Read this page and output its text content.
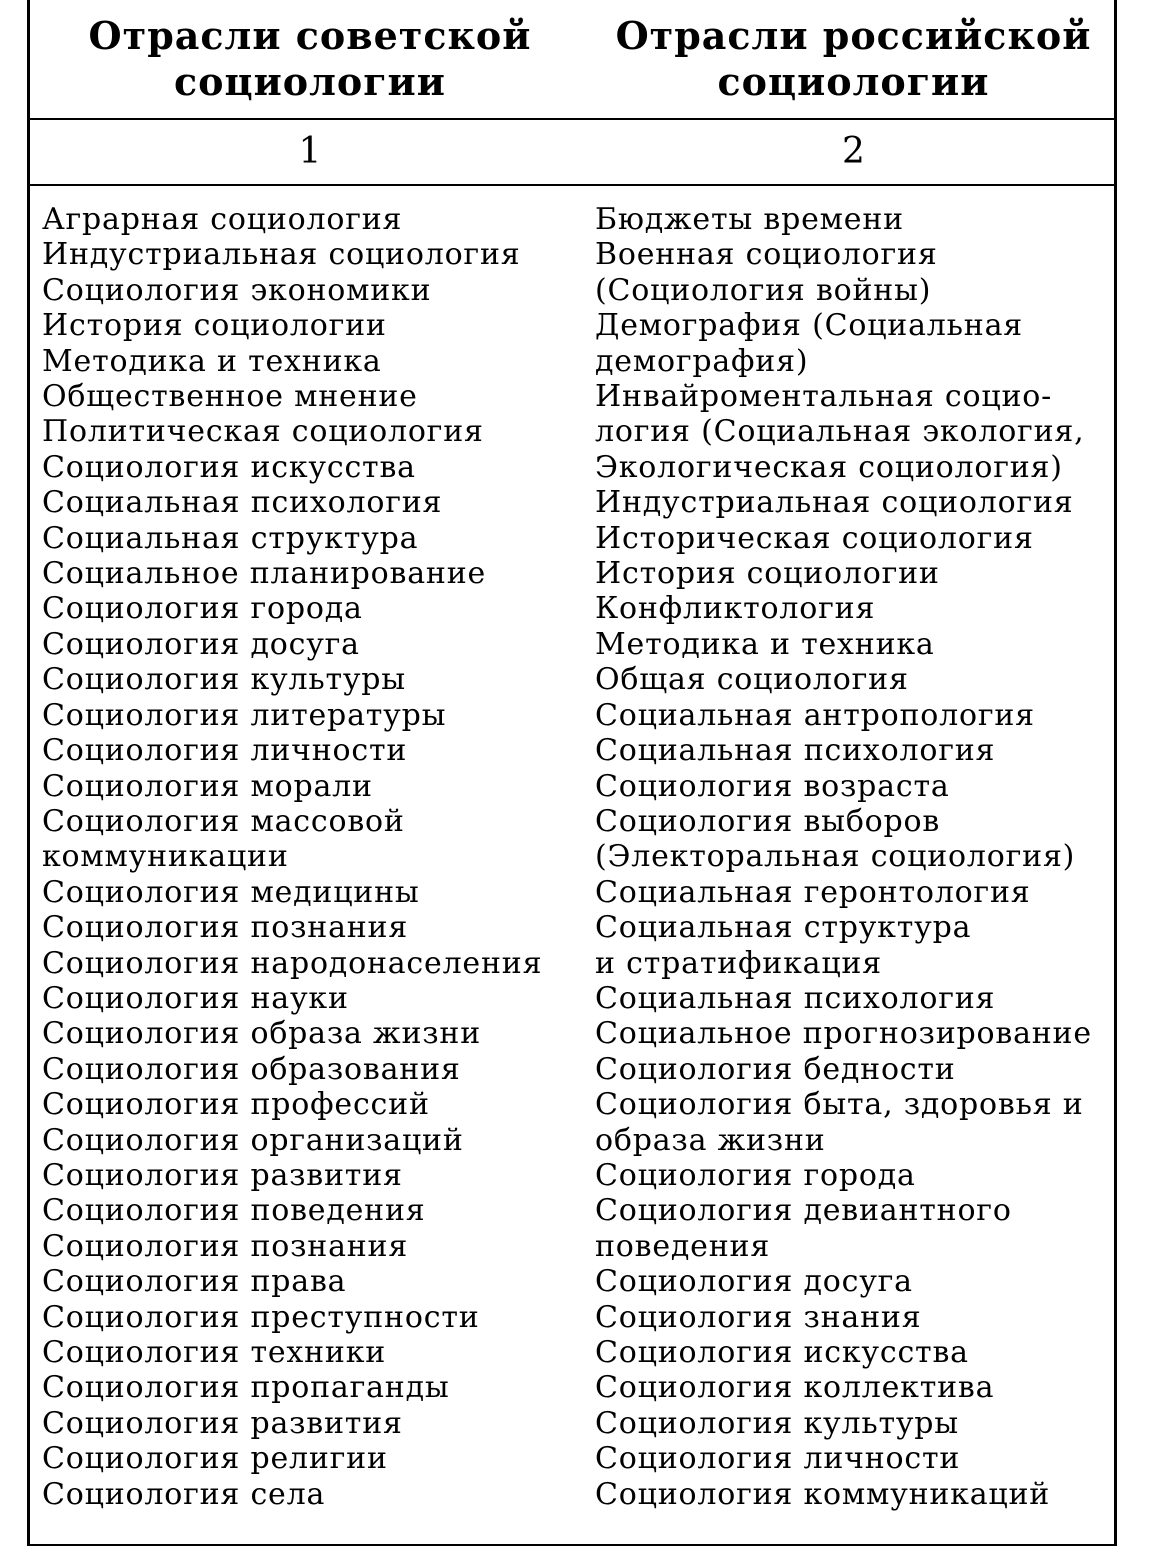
Отрасли советской социологии
Отрасли российской социологии
1	2
Аграрная социология
Индустриальная социология
Социология экономики
История социологии
Методика и техника
Общественное мнение
Политическая социология
Социология искусства
Социальная психология
Социальная структура
Социальное планирование
Социология города
Социология досуга
Социология культуры
Социология литературы
Социология личности
Социология морали
Социология массовой
коммуникации
Социология медицины
Социология познания
Социология народонаселения
Социология науки
Социология образа жизни
Социология образования
Социология профессий
Социология организаций
Социология развития
Социология поведения
Социология познания
Социология права
Социология преступности
Социология техники
Социология пропаганды
Социология развития
Социология религии
Социология села
Бюджеты времени
Военная социология
(Социология войны)
Демография (Социальная
демография)
Инвайроментальная социо-
логия (Социальная экология,
Экологическая социология)
Индустриальная социология
Историческая социология
История социологии
Конфликтология
Методика и техника
Общая социология
Социальная антропология
Социальная психология
Социология возраста
Социология выборов
(Электоральная социология)
Социальная геронтология
Социальная структура
и стратификация
Социальная психология
Социальное прогнозирование
Социология бедности
Социология быта, здоровья и
образа жизни
Социология города
Социология девиантного
поведения
Социология досуга
Социология знания
Социология искусства
Социология коллектива
Социология культуры
Социология личности
Социология коммуникаций
